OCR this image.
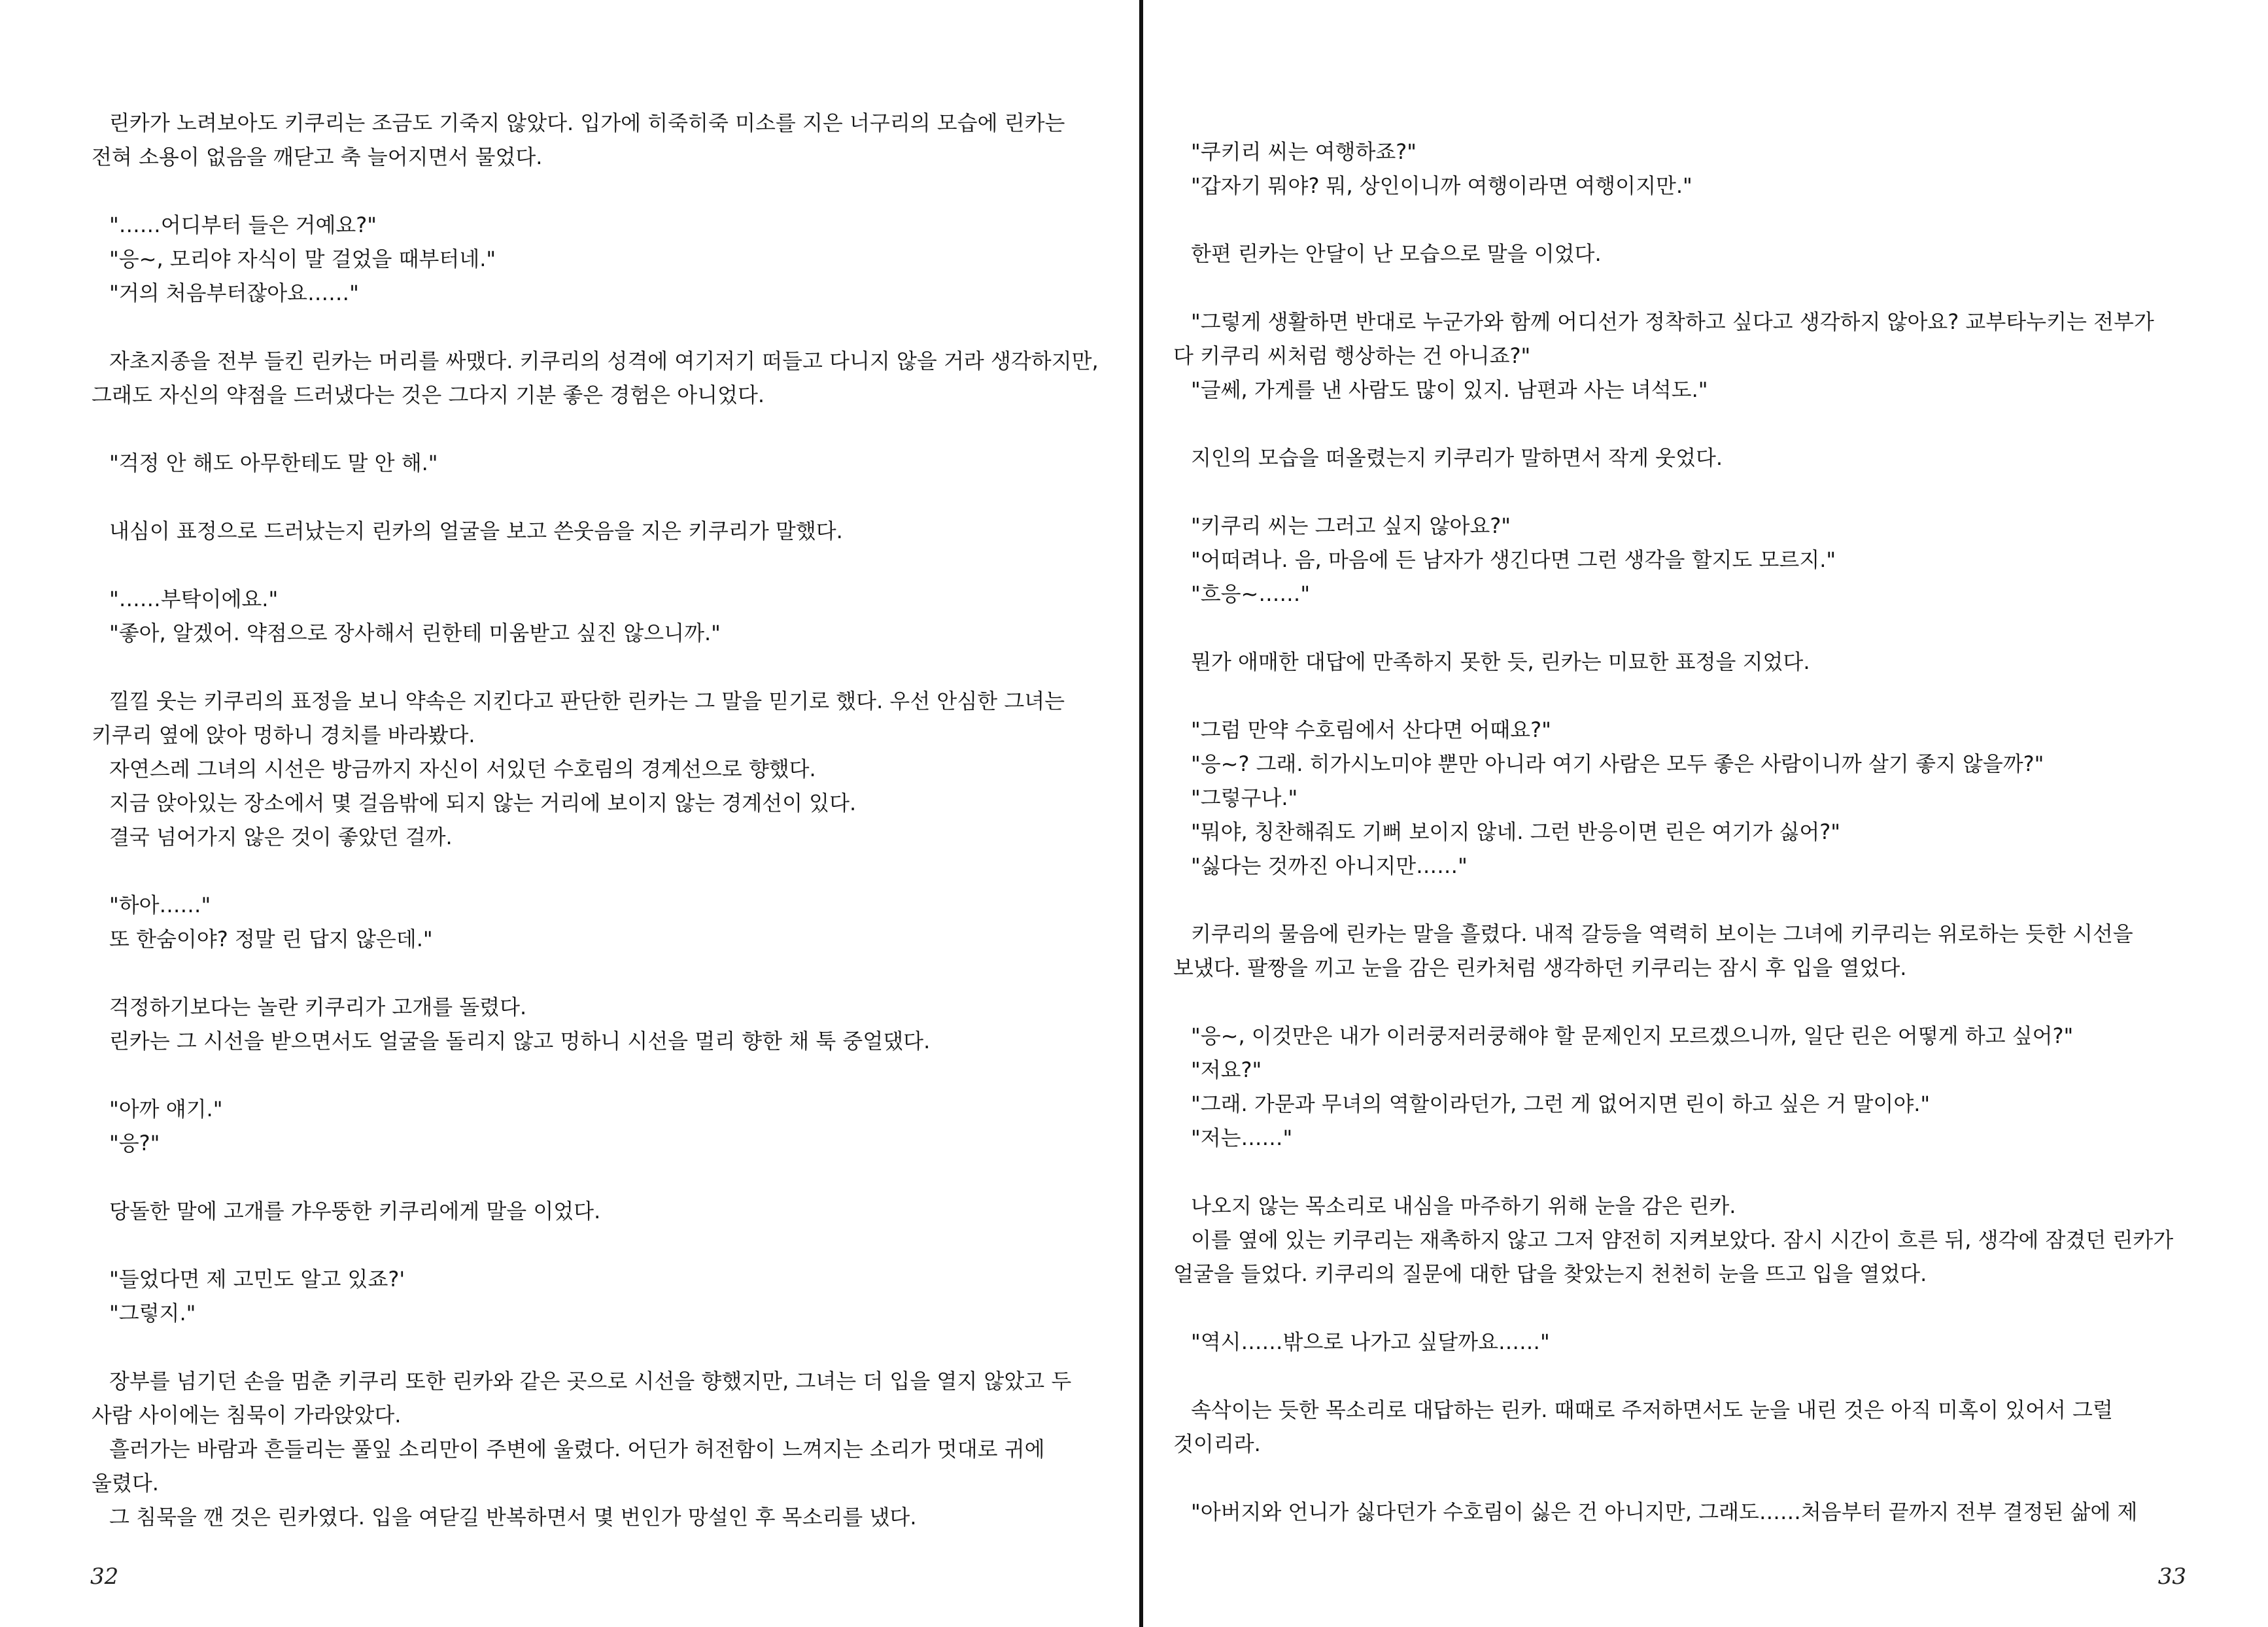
린카가 노려보아도 키쿠리는 조금도 기죽지 않았다. 입가에 히죽히죽 미소를 지은 너구리의 모습에 린카는
전혀 소용이 없음을 깨닫고 축 늘어지면서 물었다.
"……어디부터 들은 거예요?"
"응~, 모리야 자식이 말 걸었을 때부터네."
"거의 처음부터잖아요……"
자초지종을 전부 들킨 린카는 머리를 싸맸다. 키쿠리의 성격에 여기저기 떠들고 다니지 않을 거라 생각하지만,
그래도 자신의 약점을 드러냈다는 것은 그다지 기분 좋은 경험은 아니었다.
"걱정 안 해도 아무한테도 말 안 해."
내심이 표정으로 드러났는지 린카의 얼굴을 보고 쓴웃음을 지은 키쿠리가 말했다.
"……부탁이에요."
"좋아, 알겠어. 약점으로 장사해서 린한테 미움받고 싶진 않으니까."
낄낄 웃는 키쿠리의 표정을 보니 약속은 지킨다고 판단한 린카는 그 말을 믿기로 했다. 우선 안심한 그녀는
키쿠리 옆에 앉아 멍하니 경치를 바라봤다.
자연스레 그녀의 시선은 방금까지 자신이 서있던 수호림의 경계선으로 향했다.
지금 앉아있는 장소에서 몇 걸음밖에 되지 않는 거리에 보이지 않는 경계선이 있다.
결국 넘어가지 않은 것이 좋았던 걸까.
"하아……"
또 한숨이야? 정말 린 답지 않은데."
걱정하기보다는 놀란 키쿠리가 고개를 돌렸다.
린카는 그 시선을 받으면서도 얼굴을 돌리지 않고 멍하니 시선을 멀리 향한 채 툭 중얼댔다.
"아까 얘기."
"응?"
당돌한 말에 고개를 갸우뚱한 키쿠리에게 말을 이었다.
"들었다면 제 고민도 알고 있죠?'
"그렇지."
장부를 넘기던 손을 멈춘 키쿠리 또한 린카와 같은 곳으로 시선을 향했지만, 그녀는 더 입을 열지 않았고 두
사람 사이에는 침묵이 가라앉았다.
흘러가는 바람과 흔들리는 풀잎 소리만이 주변에 울렸다. 어딘가 허전함이 느껴지는 소리가 멋대로 귀에
울렸다.
그 침묵을 깬 것은 린카였다. 입을 여닫길 반복하면서 몇 번인가 망설인 후 목소리를 냈다.
32
"쿠키리 씨는 여행하죠?"
"갑자기 뭐야? 뭐, 상인이니까 여행이라면 여행이지만."
한편 린카는 안달이 난 모습으로 말을 이었다.
"그렇게 생활하면 반대로 누군가와 함께 어디선가 정착하고 싶다고 생각하지 않아요? 교부타누키는 전부가
다 키쿠리 씨처럼 행상하는 건 아니죠?"
"글쎄, 가게를 낸 사람도 많이 있지. 남편과 사는 녀석도."
지인의 모습을 떠올렸는지 키쿠리가 말하면서 작게 웃었다.
"키쿠리 씨는 그러고 싶지 않아요?"
"어떠려나. 음, 마음에 든 남자가 생긴다면 그런 생각을 할지도 모르지."
"흐응~……"
뭔가 애매한 대답에 만족하지 못한 듯, 린카는 미묘한 표정을 지었다.
"그럼 만약 수호림에서 산다면 어때요?"
"응~? 그래. 히가시노미야 뿐만 아니라 여기 사람은 모두 좋은 사람이니까 살기 좋지 않을까?"
"그렇구나."
"뭐야, 칭찬해줘도 기뻐 보이지 않네. 그런 반응이면 린은 여기가 싫어?"
"싫다는 것까진 아니지만……"
키쿠리의 물음에 린카는 말을 흘렸다. 내적 갈등을 역력히 보이는 그녀에 키쿠리는 위로하는 듯한 시선을
보냈다. 팔짱을 끼고 눈을 감은 린카처럼 생각하던 키쿠리는 잠시 후 입을 열었다.
"응~, 이것만은 내가 이러쿵저러쿵해야 할 문제인지 모르겠으니까, 일단 린은 어떻게 하고 싶어?"
"저요?"
"그래. 가문과 무녀의 역할이라던가, 그런 게 없어지면 린이 하고 싶은 거 말이야."
"저는……"
나오지 않는 목소리로 내심을 마주하기 위해 눈을 감은 린카.
이를 옆에 있는 키쿠리는 재촉하지 않고 그저 얌전히 지켜보았다. 잠시 시간이 흐른 뒤, 생각에 잠겼던 린카가
얼굴을 들었다. 키쿠리의 질문에 대한 답을 찾았는지 천천히 눈을 뜨고 입을 열었다.
"역시……밖으로 나가고 싶달까요……"
속삭이는 듯한 목소리로 대답하는 린카. 때때로 주저하면서도 눈을 내린 것은 아직 미혹이 있어서 그럴
것이리라.
"아버지와 언니가 싫다던가 수호림이 싫은 건 아니지만, 그래도……처음부터 끝까지 전부 결정된 삶에 제
33
